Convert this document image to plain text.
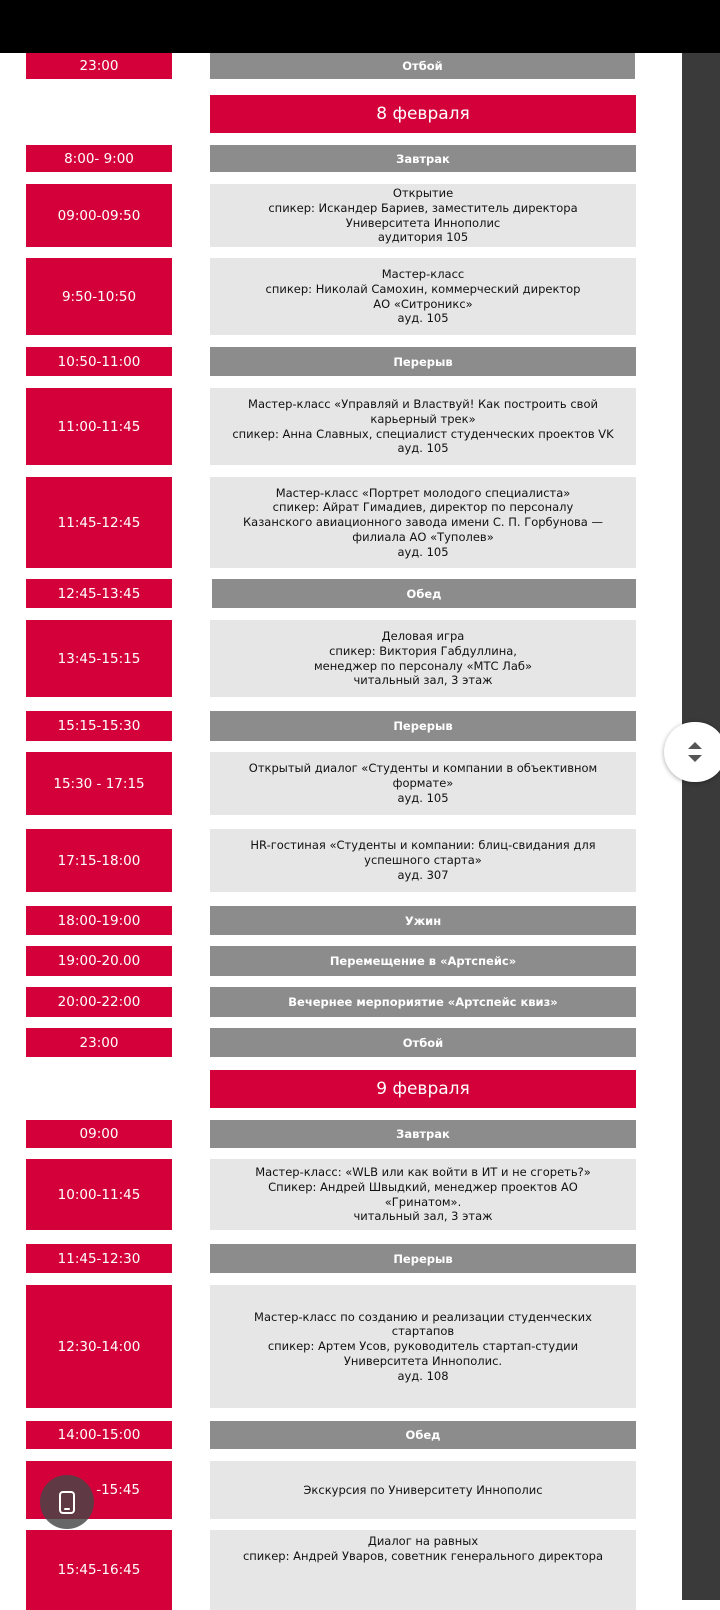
23:00	Отбой
8 февраля
8:00- 9:00	Завтрак
09:00-09:50
Открытие
спикер: Искандер Бариев, заместитель директора
Университета Иннополис
аудитория 105
9:50-10:50
Мастер-класс
спикер: Николай Самохин, коммерческий директор
АО «Ситроникс»
ауд. 105
10:50-11:00	Перерыв
11:00-11:45
Мастер-класс «Управляй и Властвуй! Как построить свой
карьерный трек»
спикер: Анна Славных, специалист студенческих проектов VK
ауд. 105
11:45-12:45
Мастер-класс «Портрет молодого специалиста»
спикер: Айрат Гимадиев, директор по персоналу
Казанского авиационного завода имени С. П. Горбунова —
филиала АО «Туполев»
ауд. 105
12:45-13:45	Обед
13:45-15:15
Деловая игра
спикер: Виктория Габдуллина,
менеджер по персоналу «МТС Лаб»
читальный зал, 3 этаж
15:15-15:30	Перерыв
15:30 - 17:15
Открытый диалог «Студенты и компании в объективном
формате»
ауд. 105
17:15-18:00
HR-гостиная «Студенты и компании: блиц-свидания для
успешного старта»
ауд. 307
18:00-19:00	Ужин
19:00-20.00	Перемещение в «Артспейс»
20:00-22:00	Вечернее мерпориятие «Артспейс квиз»
23:00	Отбой
9 февраля
09:00	Завтрак
10:00-11:45
Мастер-класс: «WLB или как войти в ИТ и не сгореть?»
Спикер: Андрей Швыдкий, менеджер проектов АО
«Гринатом».
читальный зал, 3 этаж
11:45-12:30	Перерыв
12:30-14:00
Мастер-класс по созданию и реализации студенческих
стартапов
спикер: Артем Усов, руководитель стартап-студии
Университета Иннополис.
ауд. 108
14:00-15:00	Обед
-15:45	Экскурсия по Университету Иннополис
15:45-16:45
Диалог на равных
спикер: Андрей Уваров, советник генерального директора
